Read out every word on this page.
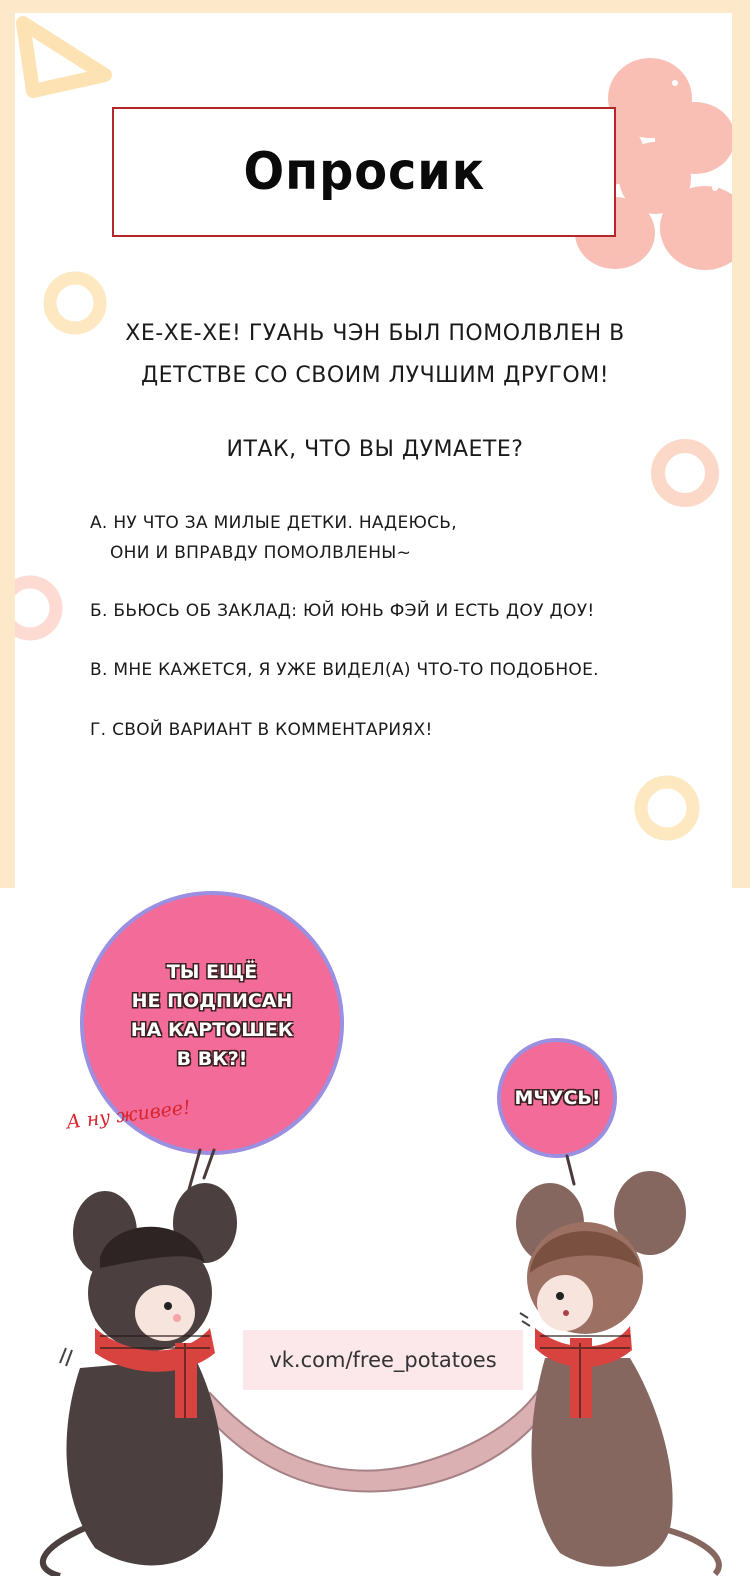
Опросик
ХЕ-ХЕ-ХЕ! ГУАНЬ ЧЭН БЫЛ ПОМОЛВЛЕН В
ДЕТСТВЕ СО СВОИМ ЛУЧШИМ ДРУГОМ!
ИТАК, ЧТО ВЫ ДУМАЕТЕ?
А. НУ ЧТО ЗА МИЛЫЕ ДЕТКИ. НАДЕЮСЬ,
ОНИ И ВПРАВДУ ПОМОЛВЛЕНЫ~
Б. БЬЮСЬ ОБ ЗАКЛАД: ЮЙ ЮНЬ ФЭЙ И ЕСТЬ ДОУ ДОУ!
В. МНЕ КАЖЕТСЯ, Я УЖЕ ВИДЕЛ(А) ЧТО-ТО ПОДОБНОЕ.
Г. СВОЙ ВАРИАНТ В КОММЕНТАРИЯХ!
ТЫ ЕЩЁ
НЕ ПОДПИСАН
НА КАРТОШЕК
В ВК?!
МЧУСЬ!
А ну живее!
vk.com/free_potatoes
